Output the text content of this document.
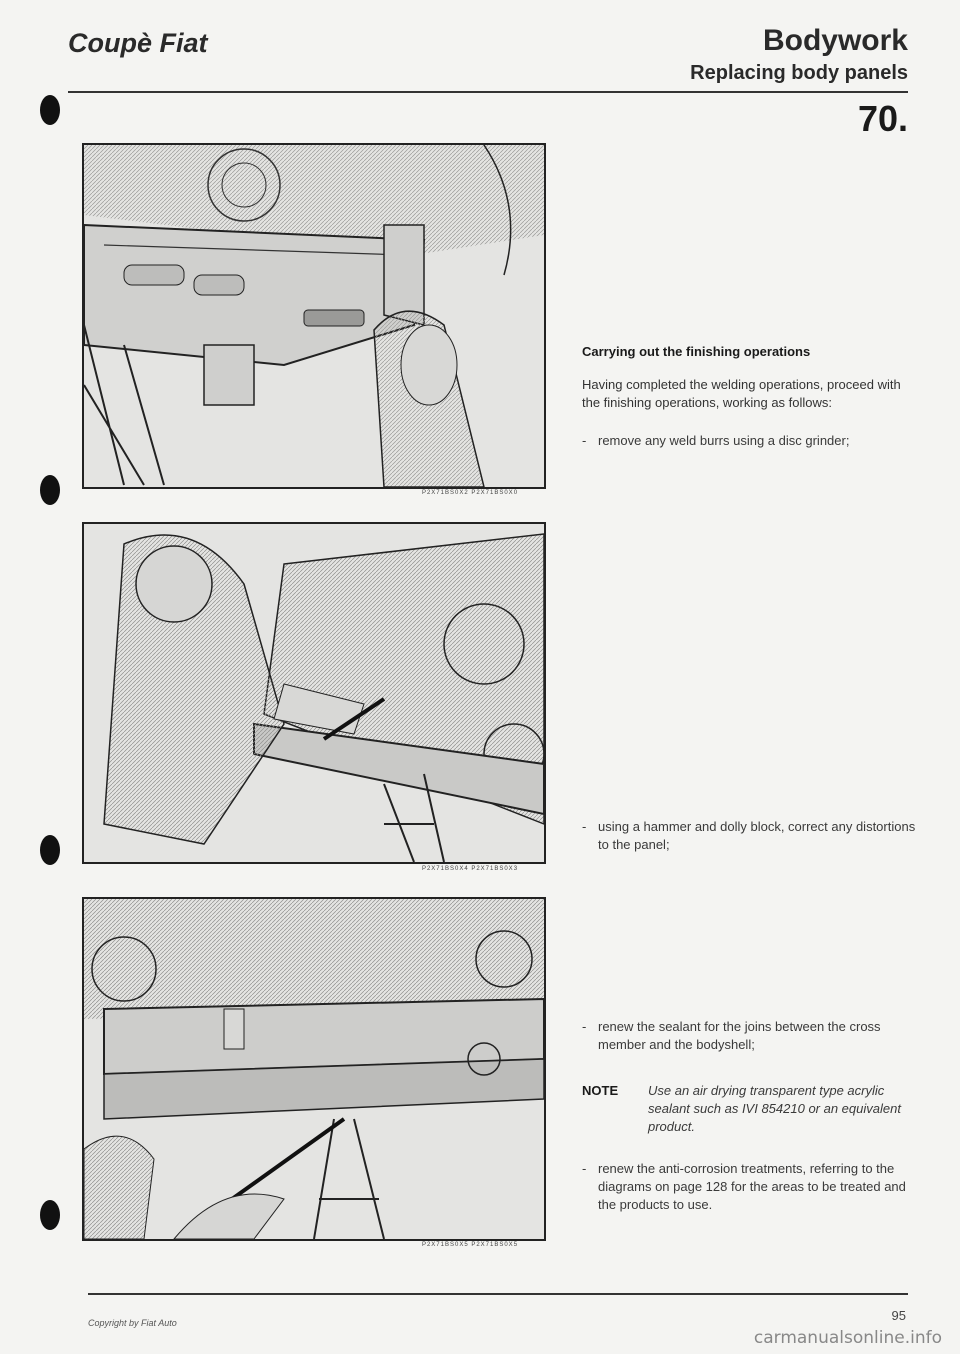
Coupè Fiat	Bodywork
Replacing body panels
70.
P2X71BS0X2 P2X71BS0X0
P2X71BS0X4 P2X71BS0X3
P2X71BS0X5 P2X71BS0X5
Carrying out the finishing operations
Having completed the welding operations, proceed with the finishing operations, working as follows:
- remove any weld burrs using a disc grinder;
- using a hammer and dolly block, correct any distortions to the panel;
- renew the sealant for the joins between the cross member and the bodyshell;
NOTE	Use an air drying transparent type acrylic sealant such as IVI 854210 or an equivalent product.
- renew the anti-corrosion treatments, referring to the diagrams on page 128 for the areas to be treated and the products to use.
Copyright by Fiat Auto	95
carmanualsonline.info
